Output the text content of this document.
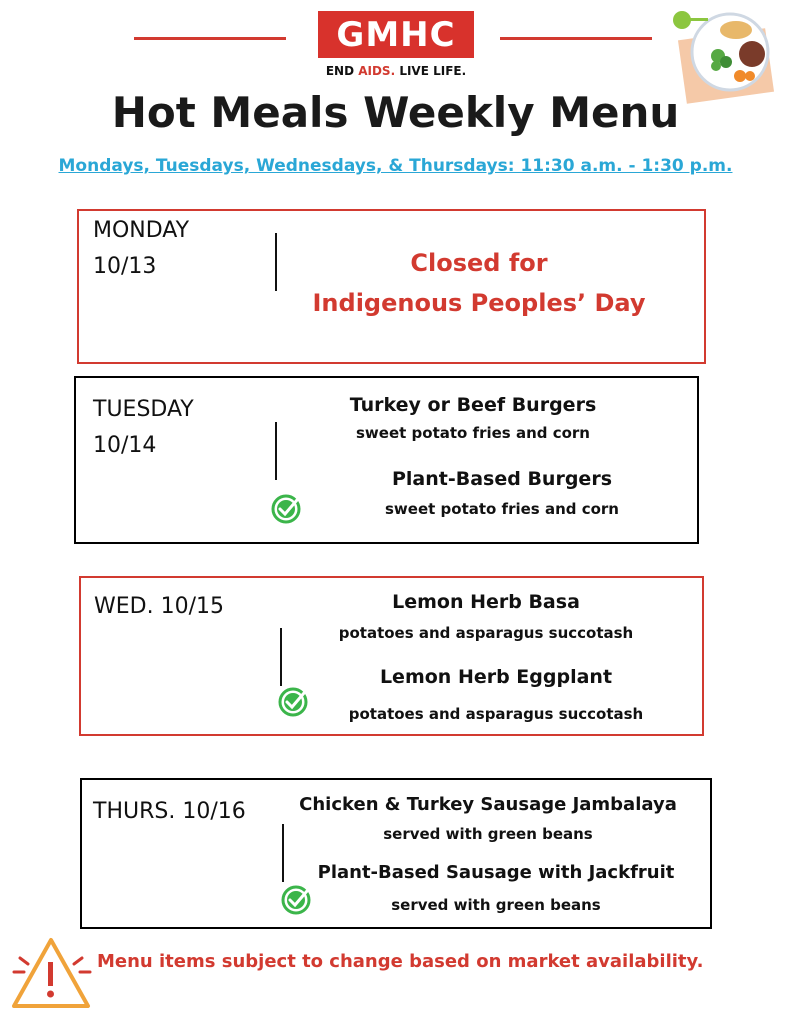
GMHC
END AIDS. LIVE LIFE.
Hot Meals Weekly Menu
Mondays, Tuesdays, Wednesdays, & Thursdays: 11:30 a.m. - 1:30 p.m.
MONDAY
10/13	Closed for
Indigenous Peoples’ Day
TUESDAY
10/14
Turkey or Beef Burgers
sweet potato fries and corn
Plant-Based Burgers
sweet potato fries and corn
WED. 10/15	Lemon Herb Basa
potatoes and asparagus succotash
Lemon Herb Eggplant
potatoes and asparagus succotash
THURS. 10/16	Chicken & Turkey Sausage Jambalaya
served with green beans
Plant-Based Sausage with Jackfruit
served with green beans
Menu items subject to change based on market availability.
